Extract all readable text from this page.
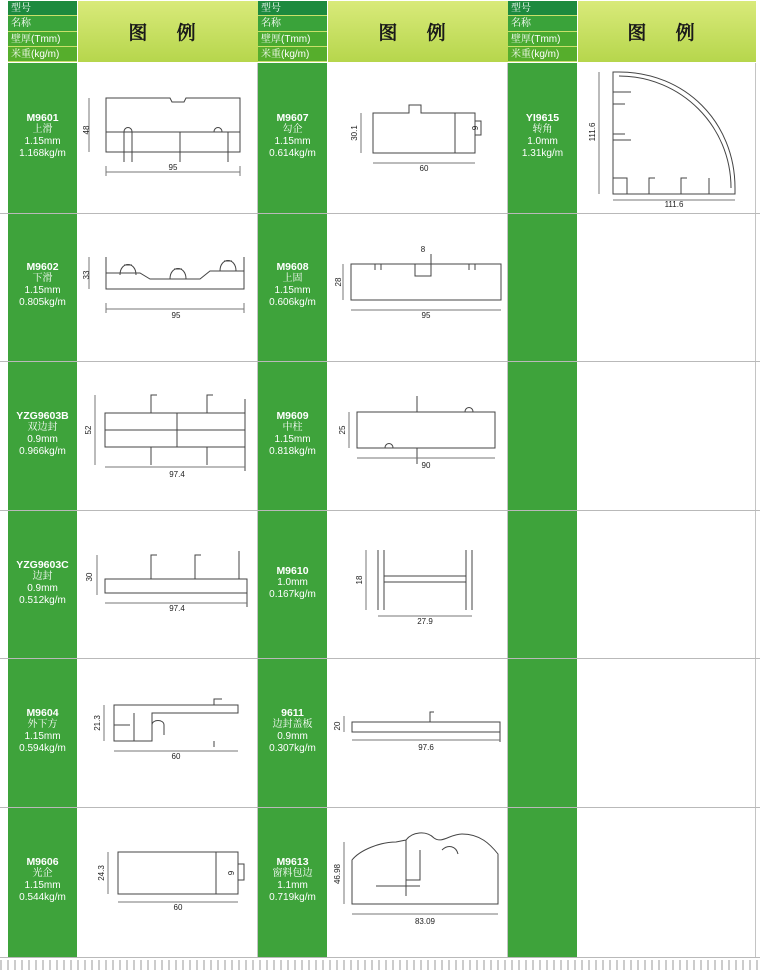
型号
名称
壁厚(Tmm)
米重(kg/m)
图 例
型号
名称
壁厚(Tmm)
米重(kg/m)
图 例
型号
名称
壁厚(Tmm)
米重(kg/m)
图 例
M9601
上滑
1.15mm
1.168kg/m
M9602
下滑
1.15mm
0.805kg/m
YZG9603B
双边封
0.9mm
0.966kg/m
YZG9603C
边封
0.9mm
0.512kg/m
M9604
外下方
1.15mm
0.594kg/m
M9606
光企
1.15mm
0.544kg/m
M9607
勾企
1.15mm
0.614kg/m
M9608
上固
1.15mm
0.606kg/m
M9609
中柱
1.15mm
0.818kg/m
M9610
1.0mm
0.167kg/m
9611
边封盖板
0.9mm
0.307kg/m
M9613
窗料包边
1.1mm
0.719kg/m
YI9615
转角
1.0mm
1.31kg/m
48
95
33
95
52
97.4
30
97.4
21.3
60
24.3
60
9
30.1
60
9
28
95
8
25
90
18
27.9
20
97.6
46.98
83.09
111.6
111.6
